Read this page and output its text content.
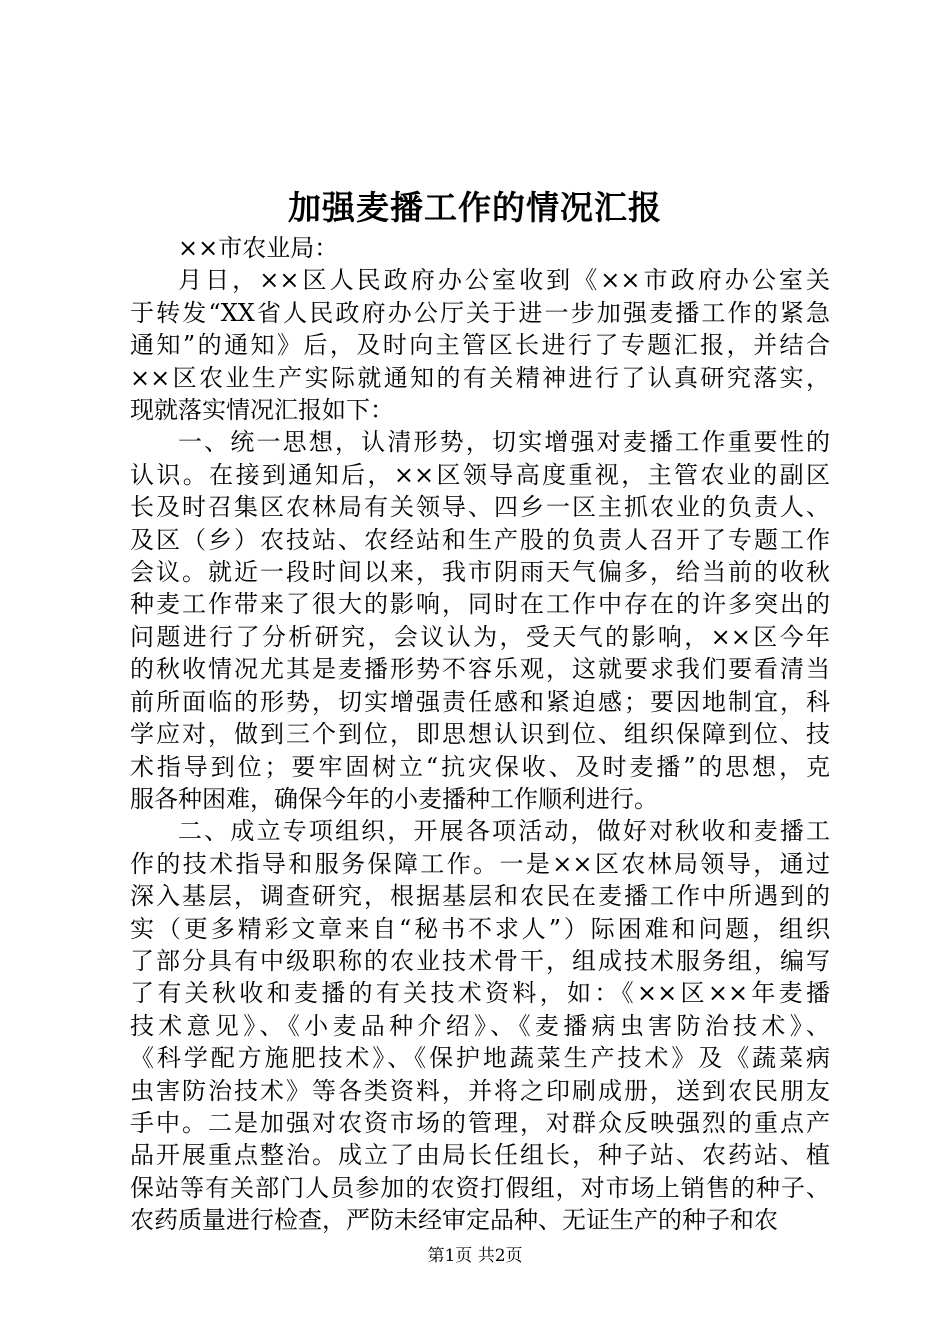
加强麦播工作的情况汇报
××市农业局：
月日，××区人民政府办公室收到《××市政府办公室关
于转发“XX省人民政府办公厅关于进一步加强麦播工作的紧急
通知”的通知》后，及时向主管区长进行了专题汇报，并结合
××区农业生产实际就通知的有关精神进行了认真研究落实，
现就落实情况汇报如下：
一、统一思想，认清形势，切实增强对麦播工作重要性的
认识。在接到通知后，××区领导高度重视，主管农业的副区
长及时召集区农林局有关领导、四乡一区主抓农业的负责人、
及区（乡）农技站、农经站和生产股的负责人召开了专题工作
会议。就近一段时间以来，我市阴雨天气偏多，给当前的收秋
种麦工作带来了很大的影响，同时在工作中存在的许多突出的
问题进行了分析研究，会议认为，受天气的影响，××区今年
的秋收情况尤其是麦播形势不容乐观，这就要求我们要看清当
前所面临的形势，切实增强责任感和紧迫感；要因地制宜，科
学应对，做到三个到位，即思想认识到位、组织保障到位、技
术指导到位；要牢固树立“抗灾保收、及时麦播”的思想，克
服各种困难，确保今年的小麦播种工作顺利进行。
二、成立专项组织，开展各项活动，做好对秋收和麦播工
作的技术指导和服务保障工作。一是××区农林局领导，通过
深入基层，调查研究，根据基层和农民在麦播工作中所遇到的
实（更多精彩文章来自“秘书不求人”）际困难和问题，组织
了部分具有中级职称的农业技术骨干，组成技术服务组，编写
了有关秋收和麦播的有关技术资料，如：《××区××年麦播
技术意见》、《小麦品种介绍》、《麦播病虫害防治技术》、
《科学配方施肥技术》、《保护地蔬菜生产技术》及《蔬菜病
虫害防治技术》等各类资料，并将之印刷成册，送到农民朋友
手中。二是加强对农资市场的管理，对群众反映强烈的重点产
品开展重点整治。成立了由局长任组长，种子站、农药站、植
保站等有关部门人员参加的农资打假组，对市场上销售的种子、
农药质量进行检查，严防未经审定品种、无证生产的种子和农
第1页 共2页
